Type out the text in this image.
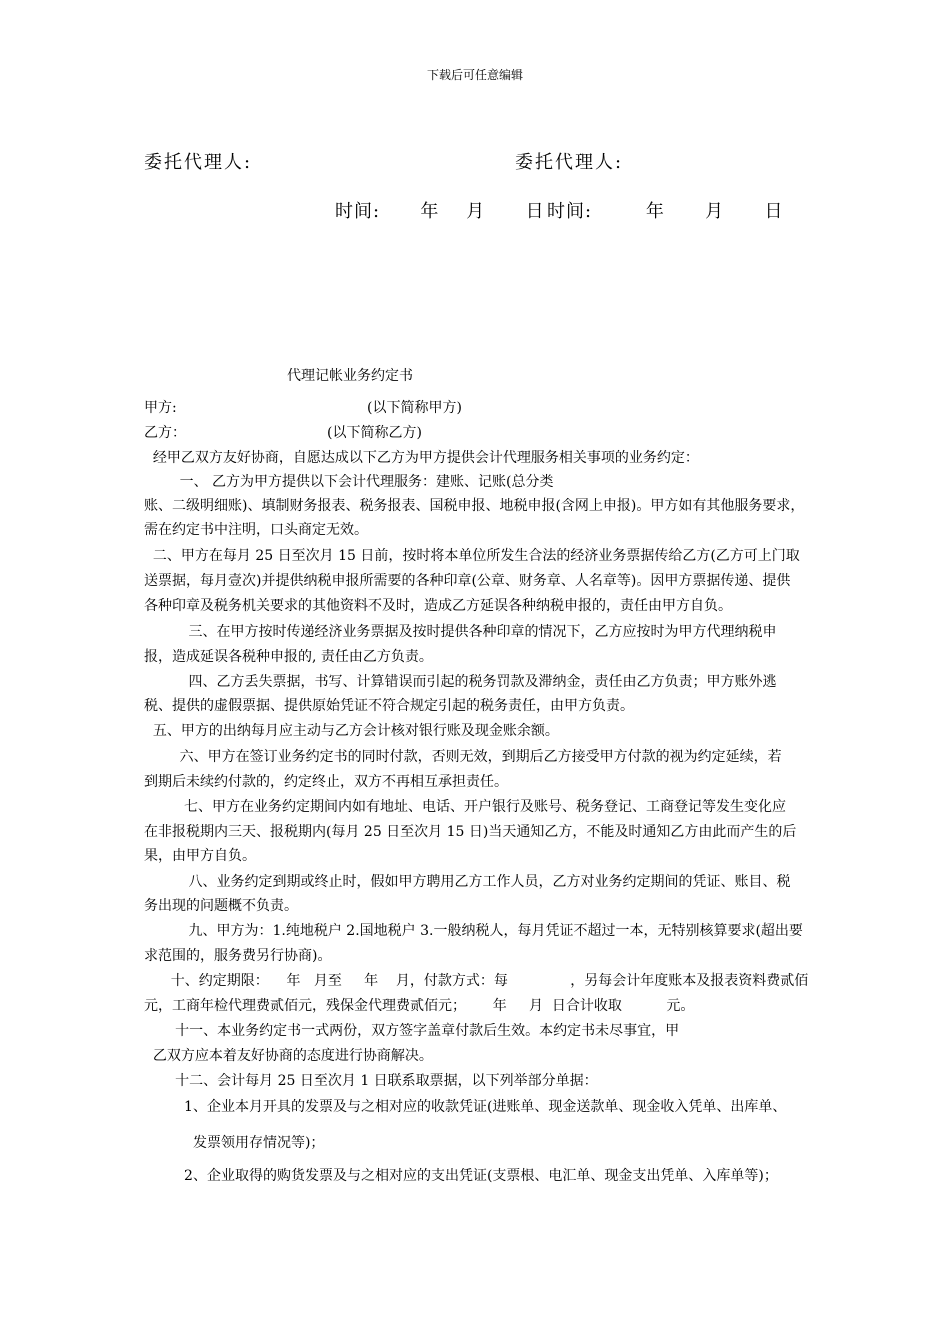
下载后可任意编辑
委托代理人:	委托代理人:
时间:      年    月      日 时间:        年      月      日
代理记帐业务约定书
甲方:	(以下简称甲方)
乙方：	(以下简称乙方)
经甲乙双方友好协商，自愿达成以下乙方为甲方提供会计代理服务相关事项的业务约定：
一、 乙方为甲方提供以下会计代理服务：建账、记账(总分类
账、二级明细账)、填制财务报表、税务报表、国税申报、地税申报(含网上申报)。甲方如有其他服务要求，
需在约定书中注明，口头商定无效。
二、甲方在每月 25 日至次月 15 日前，按时将本单位所发生合法的经济业务票据传给乙方(乙方可上门取
送票据，每月壹次)并提供纳税申报所需要的各种印章(公章、财务章、人名章等)。因甲方票据传递、提供
各种印章及税务机关要求的其他资料不及时，造成乙方延误各种纳税申报的，责任由甲方自负。
三、在甲方按时传递经济业务票据及按时提供各种印章的情况下，乙方应按时为甲方代理纳税申
报，造成延误各税种申报的, 责任由乙方负责。
四、乙方丢失票据，书写、计算错误而引起的税务罚款及滞纳金，责任由乙方负责；甲方账外逃
税、提供的虚假票据、提供原始凭证不符合规定引起的税务责任，由甲方负责。
五、甲方的出纳每月应主动与乙方会计核对银行账及现金账余额。
六、甲方在签订业务约定书的同时付款，否则无效，到期后乙方接受甲方付款的视为约定延续，若
到期后未续约付款的，约定终止，双方不再相互承担责任。
七、甲方在业务约定期间内如有地址、电话、开户银行及账号、税务登记、工商登记等发生变化应
在非报税期内三天、报税期内(每月 25 日至次月 15 日)当天通知乙方，不能及时通知乙方由此而产生的后
果，由甲方自负。
八、业务约定到期或终止时，假如甲方聘用乙方工作人员，乙方对业务约定期间的凭证、账目、税
务出现的问题概不负责。
九、甲方为：1.纯地税户 2.国地税户 3.一般纳税人，每月凭证不超过一本，无特别核算要求(超出要
求范围的，服务费另行协商)。
十、约定期限：    年   月至     年    月，付款方式：每              ，另每会计年度账本及报表资料费贰佰
元，工商年检代理费贰佰元，残保金代理费贰佰元；      年     月  日合计收取          元。
十一、本业务约定书一式两份，双方签字盖章付款后生效。本约定书未尽事宜，甲
乙双方应本着友好协商的态度进行协商解决。
十二、会计每月 25 日至次月 1 日联系取票据，以下列举部分单据：
1、企业本月开具的发票及与之相对应的收款凭证(进账单、现金送款单、现金收入凭单、出库单、
发票领用存情况等)；
2、企业取得的购货发票及与之相对应的支出凭证(支票根、电汇单、现金支出凭单、入库单等)；
